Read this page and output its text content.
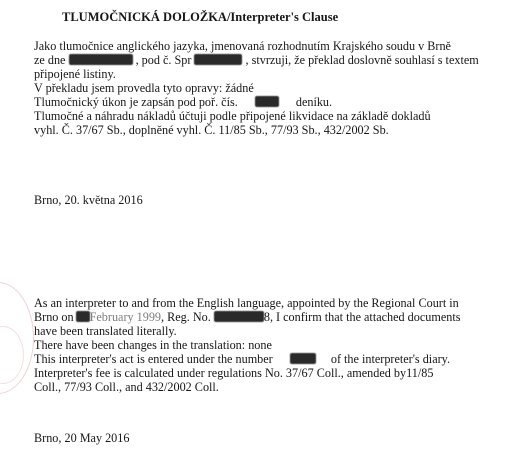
TLUMOČNICKÁ DOLOŽKA/Interpreter's Clause
Jako tlumočnice anglického jazyka, jmenovaná rozhodnutím Krajského soudu v Brně
ze dne	, pod č. Spr	, stvrzuji, že překlad doslovně souhlasí s textem
připojené listiny.
V překladu jsem provedla tyto opravy: žádné
Tlumočnický úkon je zapsán pod poř. čís.	deníku.
Tlumočné a náhradu nákladů účtuji podle připojené likvidace na základě dokladů
vyhl. Č. 37/67 Sb., doplněné vyhl. Č. 11/85 Sb., 77/93 Sb., 432/2002 Sb.
Brno, 20. května 2016
As an interpreter to and from the English language, appointed by the Regional Court in
Brno on February 1999, Reg. No.	8, I confirm that the attached documents
have been translated literally.
There have been changes in the translation: none
This interpreter's act is entered under the number	of the interpreter's diary.
Interpreter's fee is calculated under regulations No. 37/67 Coll., amended by11/85
Coll., 77/93 Coll., and 432/2002 Coll.
Brno, 20 May 2016
